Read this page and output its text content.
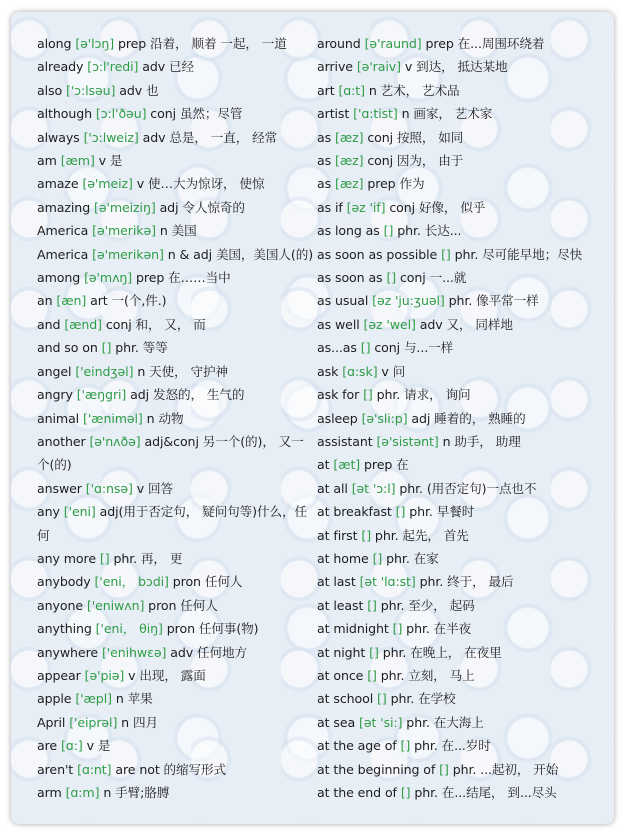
along [ə'lɔŋ] prep 沿着， 顺着 一起， 一道
already [ɔ:l'redi] adv 已经
also ['ɔ:lsəu] adv 也
although [ɔ:l'ðəu] conj 虽然；尽管
always ['ɔ:lweiz] adv 总是， 一直， 经常
am [æm] v 是
amaze [ə'meiz] v 使…大为惊讶， 使惊
amazing [ə'meiziŋ] adj 令人惊奇的
America [ə'merikə] n 美国
America [ə'merikən] n & adj 美国，美国人(的)
among [ə'mʌŋ] prep 在……当中
an [æn] art 一(个,件.)
and [ænd] conj 和， 又， 而
and so on [] phr. 等等
angel ['eindʒəl] n 天使， 守护神
angry ['æŋgri] adj 发怒的， 生气的
animal ['æniməl] n 动物
another [ə'nʌðə] adj&conj 另一个(的)， 又一个(的)
answer ['ɑ:nsə] v 回答
any ['eni] adj(用于否定句， 疑问句等)什么，任何
any more [] phr. 再， 更
anybody ['eni， bɔdi] pron 任何人
anyone ['eniwʌn] pron 任何人
anything ['eni， θiŋ] pron 任何事(物)
anywhere ['enihwɛə] adv 任何地方
appear [ə'piə] v 出现， 露面
apple ['æpl] n 苹果
April ['eiprəl] n 四月
are [ɑ:] v 是
aren't [ɑ:nt] are not 的缩写形式
arm [ɑ:m] n 手臂;胳膊
around [ə'raund] prep 在...周围环绕着
arrive [ə'raiv] v 到达， 抵达某地
art [ɑ:t] n 艺术， 艺术品
artist ['ɑ:tist] n 画家， 艺术家
as [æz] conj 按照， 如同
as [æz] conj 因为， 由于
as [æz] prep 作为
as if [əz 'if] conj 好像， 似乎
as long as [] phr. 长达...
as soon as possible [] phr. 尽可能早地；尽快
as soon as [] conj 一...就
as usual [əz 'ju:ʒuəl] phr. 像平常一样
as well [əz 'wel] adv 又， 同样地
as...as [] conj 与...一样
ask [ɑ:sk] v 问
ask for [] phr. 请求， 询问
asleep [ə'sli:p] adj 睡着的， 熟睡的
assistant [ə'sistənt] n 助手， 助理
at [æt] prep 在
at all [ət 'ɔ:l] phr. (用否定句)一点也不
at breakfast [] phr. 早餐时
at first [] phr. 起先， 首先
at home [] phr. 在家
at last [ət 'lɑ:st] phr. 终于， 最后
at least [] phr. 至少， 起码
at midnight [] phr. 在半夜
at night [] phr. 在晚上， 在夜里
at once [] phr. 立刻， 马上
at school [] phr. 在学校
at sea [ət 'si:] phr. 在大海上
at the age of [] phr. 在...岁时
at the beginning of [] phr. ...起初， 开始
at the end of [] phr. 在...结尾， 到...尽头
